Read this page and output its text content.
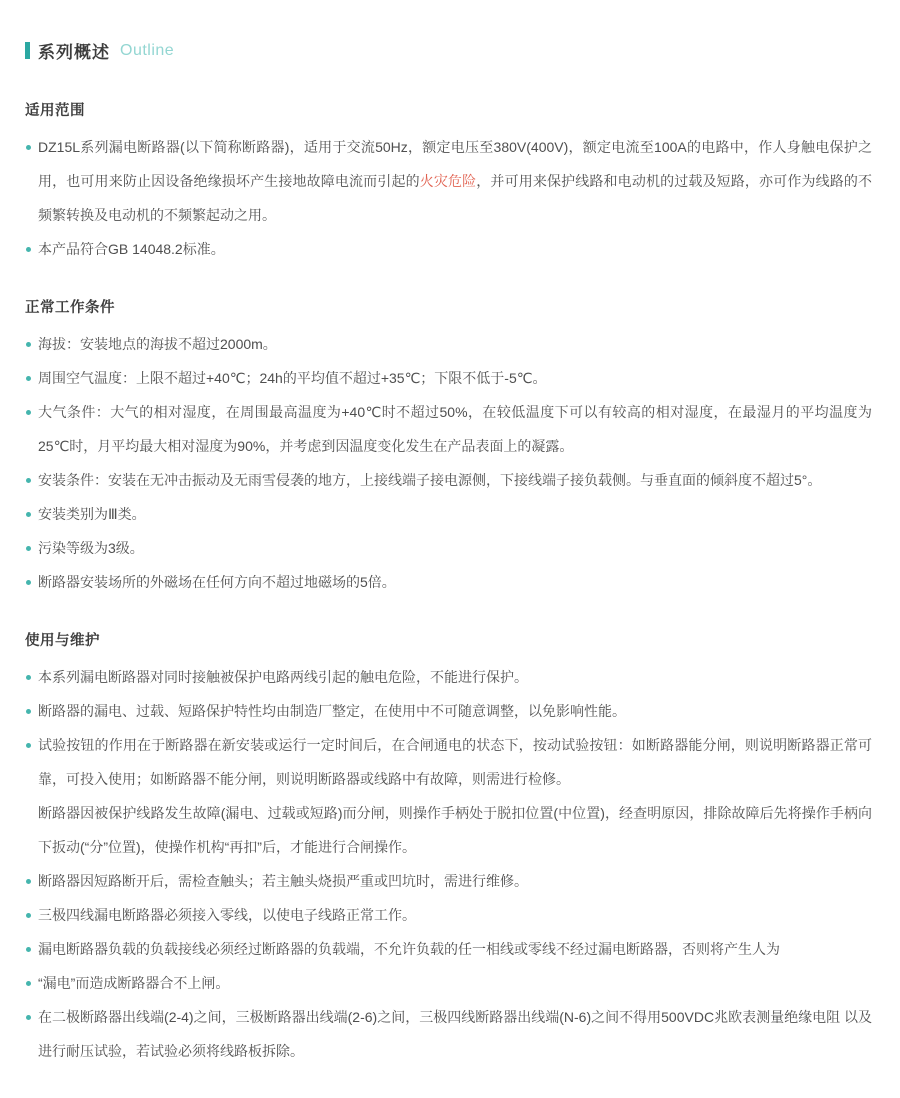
系列概述 Outline
适用范围
DZ15L系列漏电断路器(以下简称断路器)，适用于交流50Hz，额定电压至380V(400V)，额定电流至100A的电路中，作人身触电保护之用，也可用来防止因设备绝缘损坏产生接地故障电流而引起的火灾危险，并可用来保护线路和电动机的过载及短路，亦可作为线路的不频繁转换及电动机的不频繁起动之用。
本产品符合GB 14048.2标准。
正常工作条件
海拔：安装地点的海拔不超过2000m。
周围空气温度：上限不超过+40℃；24h的平均值不超过+35℃；下限不低于-5℃。
大气条件：大气的相对湿度，在周围最高温度为+40℃时不超过50%，在较低温度下可以有较高的相对湿度，在最湿月的平均温度为25℃时，月平均最大相对湿度为90%，并考虑到因温度变化发生在产品表面上的凝露。
安装条件：安装在无冲击振动及无雨雪侵袭的地方，上接线端子接电源侧，下接线端子接负载侧。与垂直面的倾斜度不超过5°。
安装类别为Ⅲ类。
污染等级为3级。
断路器安装场所的外磁场在任何方向不超过地磁场的5倍。
使用与维护
本系列漏电断路器对同时接触被保护电路两线引起的触电危险，不能进行保护。
断路器的漏电、过载、短路保护特性均由制造厂整定，在使用中不可随意调整，以免影响性能。
试验按钮的作用在于断路器在新安装或运行一定时间后，在合闸通电的状态下，按动试验按钮：如断路器能分闸，则说明断路器正常可靠，可投入使用；如断路器不能分闸，则说明断路器或线路中有故障，则需进行检修。
断路器因被保护线路发生故障(漏电、过载或短路)而分闸，则操作手柄处于脱扣位置(中位置)，经查明原因，排除故障后先将操作手柄向下扳动(“分”位置)，使操作机构“再扣”后，才能进行合闸操作。
断路器因短路断开后，需检查触头；若主触头烧损严重或凹坑时，需进行维修。
三极四线漏电断路器必须接入零线，以使电子线路正常工作。
漏电断路器负载的负载接线必须经过断路器的负载端，不允许负载的任一相线或零线不经过漏电断路器，否则将产生人为
“漏电”而造成断路器合不上闸。
在二极断路器出线端(2-4)之间，三极断路器出线端(2-6)之间，三极四线断路器出线端(N-6)之间不得用500VDC兆欧表测量绝缘电阻 以及进行耐压试验，若试验必须将线路板拆除。
